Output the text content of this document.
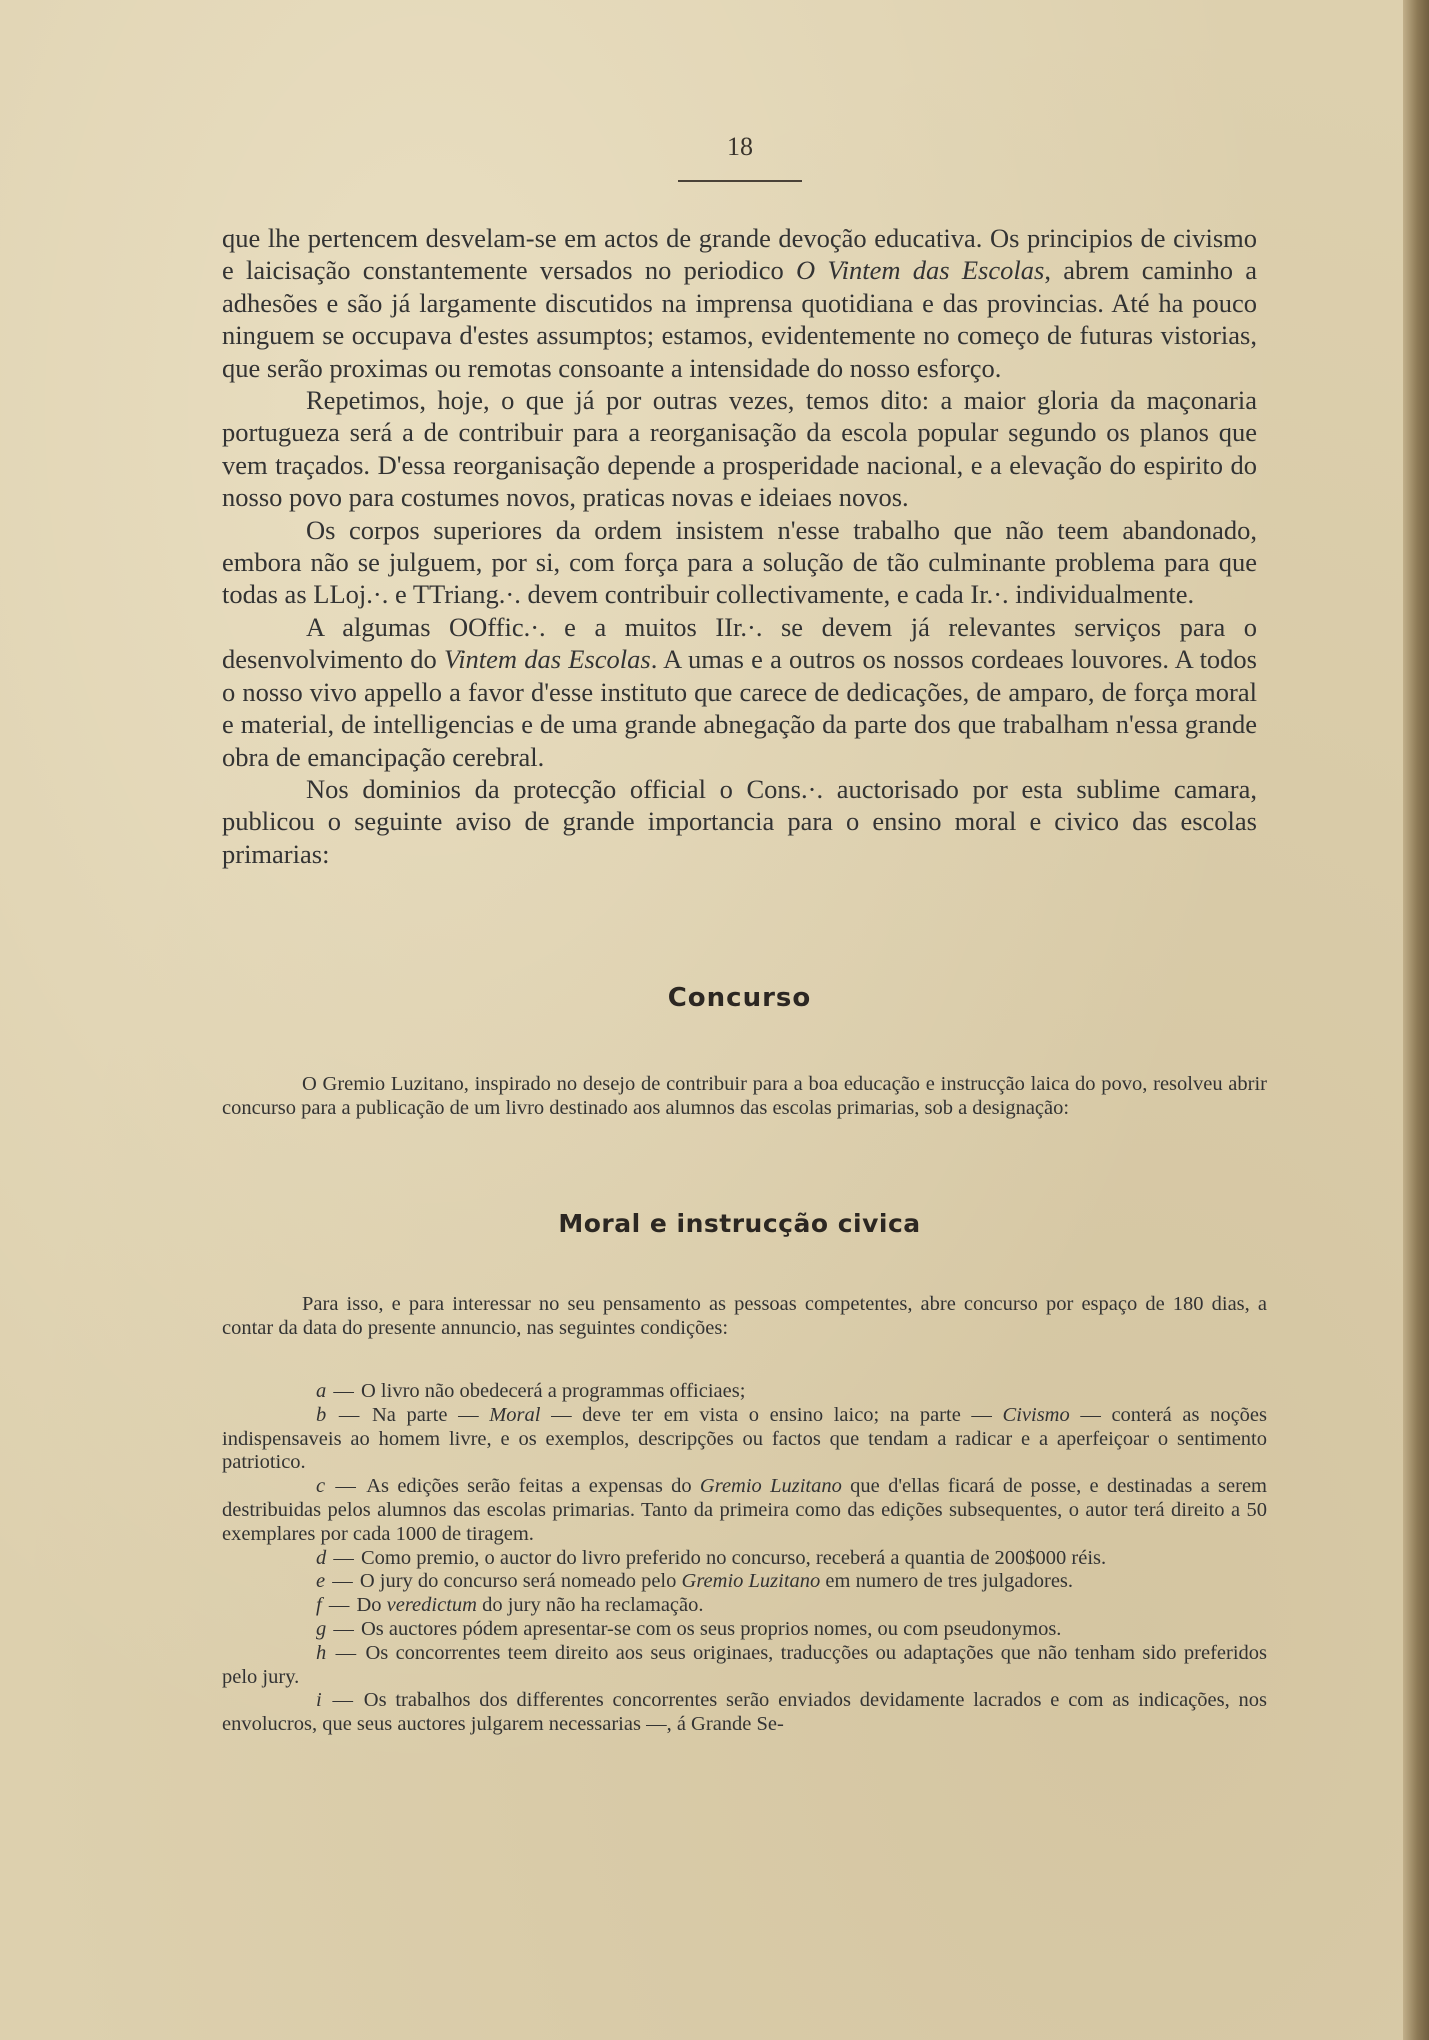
18

que lhe pertencem desvelam-se em actos de grande devoção educativa. Os principios de civismo e laicisação constantemente versados no periodico O Vintem das Escolas, abrem caminho a adhesões e são já largamente discutidos na imprensa quotidiana e das provincias. Até ha pouco ninguem se occupava d'estes assumptos; estamos, evidentemente no começo de futuras vistorias, que serão proximas ou remotas consoante a intensidade do nosso esforço.

Repetimos, hoje, o que já por outras vezes, temos dito: a maior gloria da maçonaria portugueza será a de contribuir para a reorganisação da escola popular segundo os planos que vem traçados. D'essa reorganisação depende a prosperidade nacional, e a elevação do espirito do nosso povo para costumes novos, praticas novas e ideiaes novos.

Os corpos superiores da ordem insistem n'esse trabalho que não teem abandonado, embora não se julguem, por si, com força para a solução de tão culminante problema para que todas as LLoj.·. e TTriang.·. devem contribuir collectivamente, e cada Ir.·. individualmente.

A algumas OOffic.·. e a muitos IIr.·. se devem já relevantes serviços para o desenvolvimento do Vintem das Escolas. A umas e a outros os nossos cordeaes louvores. A todos o nosso vivo appello a favor d'esse instituto que carece de dedicações, de amparo, de força moral e material, de intelligencias e de uma grande abnegação da parte dos que trabalham n'essa grande obra de emancipação cerebral.

Nos dominios da protecção official o Cons.·. auctorisado por esta sublime camara, publicou o seguinte aviso de grande importancia para o ensino moral e civico das escolas primarias:

Concurso

O Gremio Luzitano, inspirado no desejo de contribuir para a boa educação e instrucção laica do povo, resolveu abrir concurso para a publicação de um livro destinado aos alumnos das escolas primarias, sob a designação:

Moral e instrucção civica

Para isso, e para interessar no seu pensamento as pessoas competentes, abre concurso por espaço de 180 dias, a contar da data do presente annuncio, nas seguintes condições:

a — O livro não obedecerá a programmas officiaes;

b — Na parte — Moral — deve ter em vista o ensino laico; na parte — Civismo — conterá as noções indispensaveis ao homem livre, e os exemplos, descripções ou factos que tendam a radicar e a aperfeiçoar o sentimento patriotico.

c — As edições serão feitas a expensas do Gremio Luzitano que d'ellas ficará de posse, e destinadas a serem destribuidas pelos alumnos das escolas primarias. Tanto da primeira como das edições subsequentes, o autor terá direito a 50 exemplares por cada 1000 de tiragem.

d — Como premio, o auctor do livro preferido no concurso, receberá a quantia de 200$000 réis.

e — O jury do concurso será nomeado pelo Gremio Luzitano em numero de tres julgadores.

f — Do veredictum do jury não ha reclamação.

g — Os auctores pódem apresentar-se com os seus proprios nomes, ou com pseudonymos.

h — Os concorrentes teem direito aos seus originaes, traducções ou adaptações que não tenham sido preferidos pelo jury.

i — Os trabalhos dos differentes concorrentes serão enviados devidamente lacrados e com as indicações, nos envolucros, que seus auctores julgarem necessarias —, á Grande Se-
